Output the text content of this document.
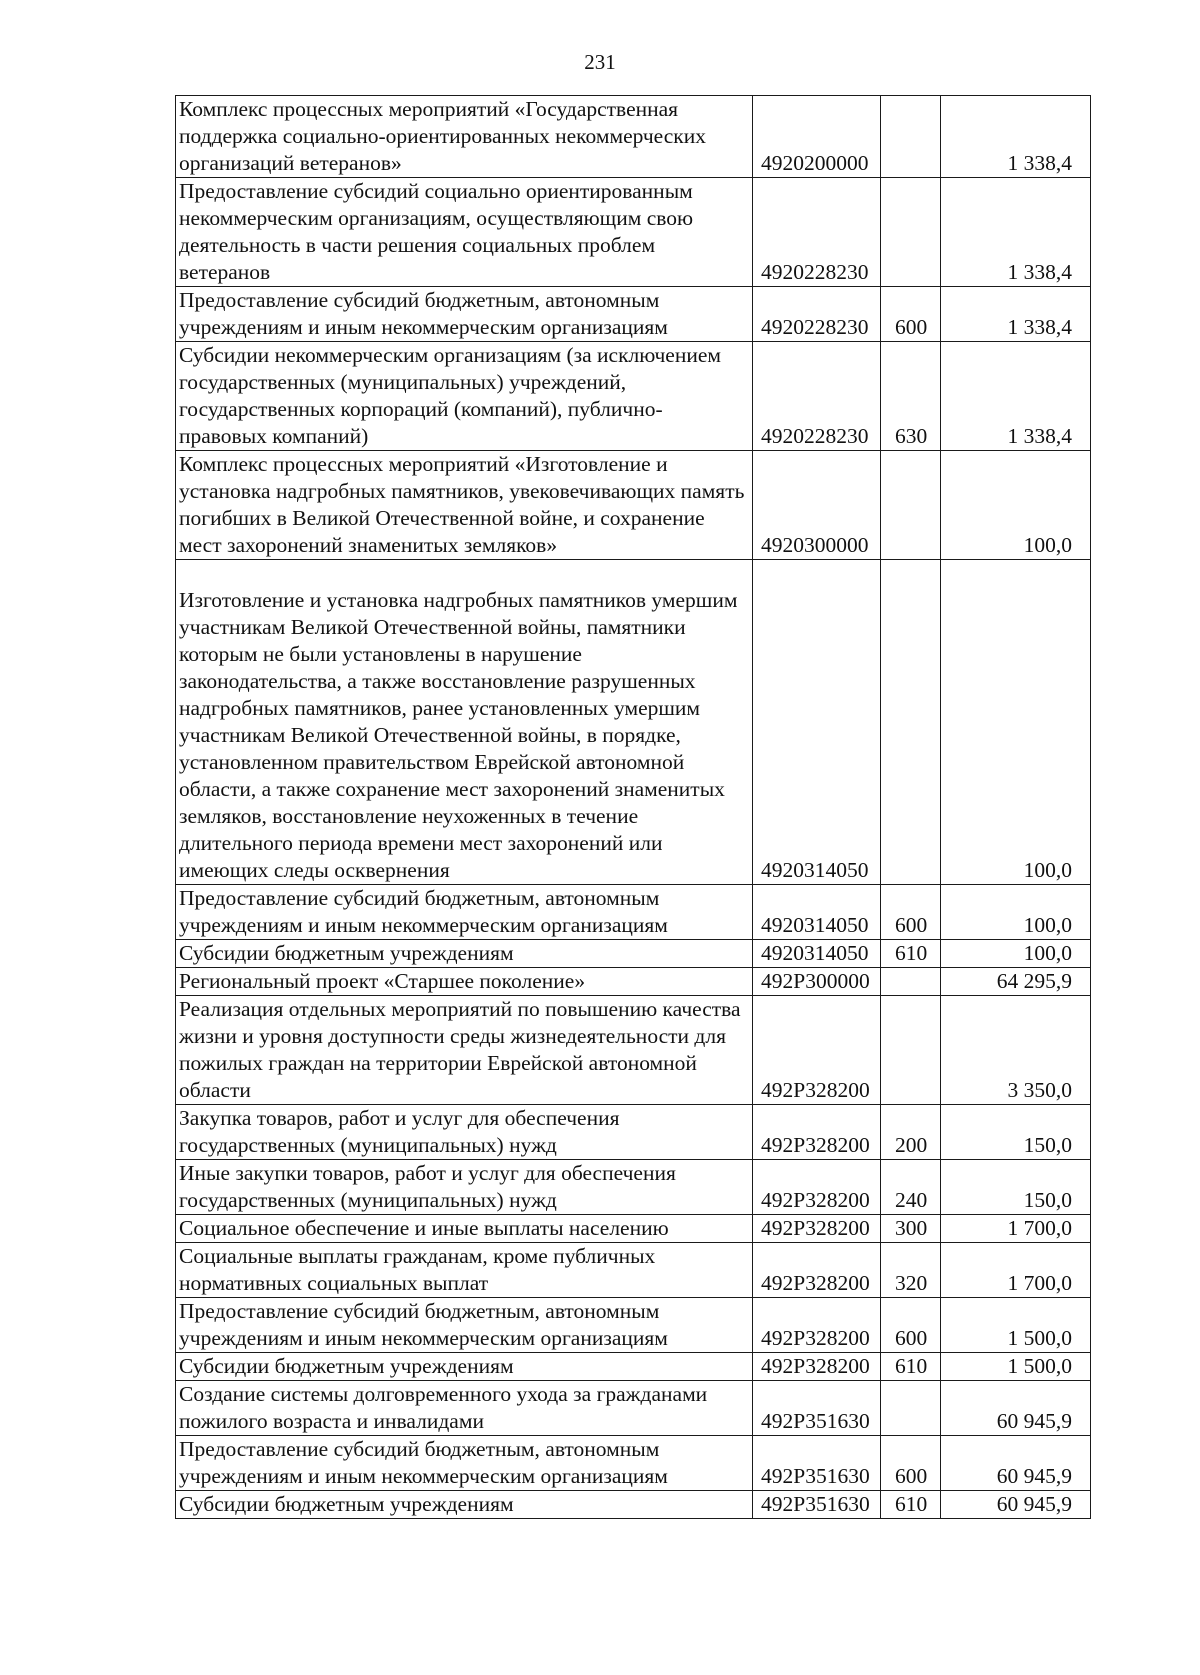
231
Комплекс процессных мероприятий «Государственная поддержка социально-ориентированных некоммерческих организаций ветеранов»	4920200000		1 338,4
Предоставление субсидий социально ориентированным некоммерческим организациям, осуществляющим свою деятельность в части решения социальных проблем ветеранов	4920228230		1 338,4
Предоставление субсидий бюджетным, автономным учреждениям и иным некоммерческим организациям	4920228230	600	1 338,4
Субсидии некоммерческим организациям (за исключением государственных (муниципальных) учреждений, государственных корпораций (компаний), публично-правовых компаний)	4920228230	630	1 338,4
Комплекс процессных мероприятий «Изготовление и установка надгробных памятников, увековечивающих память погибших в Великой Отечественной войне, и сохранение мест захоронений знаменитых земляков»	4920300000		100,0
Изготовление и установка надгробных памятников умершим участникам Великой Отечественной войны, памятники которым не были установлены в нарушение законодательства, а также восстановление разрушенных надгробных памятников, ранее установленных умершим участникам Великой Отечественной войны, в порядке, установленном правительством Еврейской автономной области, а также сохранение мест захоронений знаменитых земляков, восстановление неухоженных в течение длительного периода времени мест захоронений или имеющих следы осквернения	4920314050		100,0
Предоставление субсидий бюджетным, автономным учреждениям и иным некоммерческим организациям	4920314050	600	100,0
Субсидии бюджетным учреждениям	4920314050	610	100,0
Региональный проект «Старшее поколение»	492Р300000		64 295,9
Реализация отдельных мероприятий по повышению качества жизни и уровня доступности среды жизнедеятельности для пожилых граждан на территории Еврейской автономной области	492Р328200		3 350,0
Закупка товаров, работ и услуг для обеспечения государственных (муниципальных) нужд	492Р328200	200	150,0
Иные закупки товаров, работ и услуг для обеспечения государственных (муниципальных) нужд	492Р328200	240	150,0
Социальное обеспечение и иные выплаты населению	492Р328200	300	1 700,0
Социальные выплаты гражданам, кроме публичных нормативных социальных выплат	492Р328200	320	1 700,0
Предоставление субсидий бюджетным, автономным учреждениям и иным некоммерческим организациям	492Р328200	600	1 500,0
Субсидии бюджетным учреждениям	492Р328200	610	1 500,0
Создание системы долговременного ухода за гражданами пожилого возраста и инвалидами	492Р351630		60 945,9
Предоставление субсидий бюджетным, автономным учреждениям и иным некоммерческим организациям	492Р351630	600	60 945,9
Субсидии бюджетным учреждениям	492Р351630	610	60 945,9
